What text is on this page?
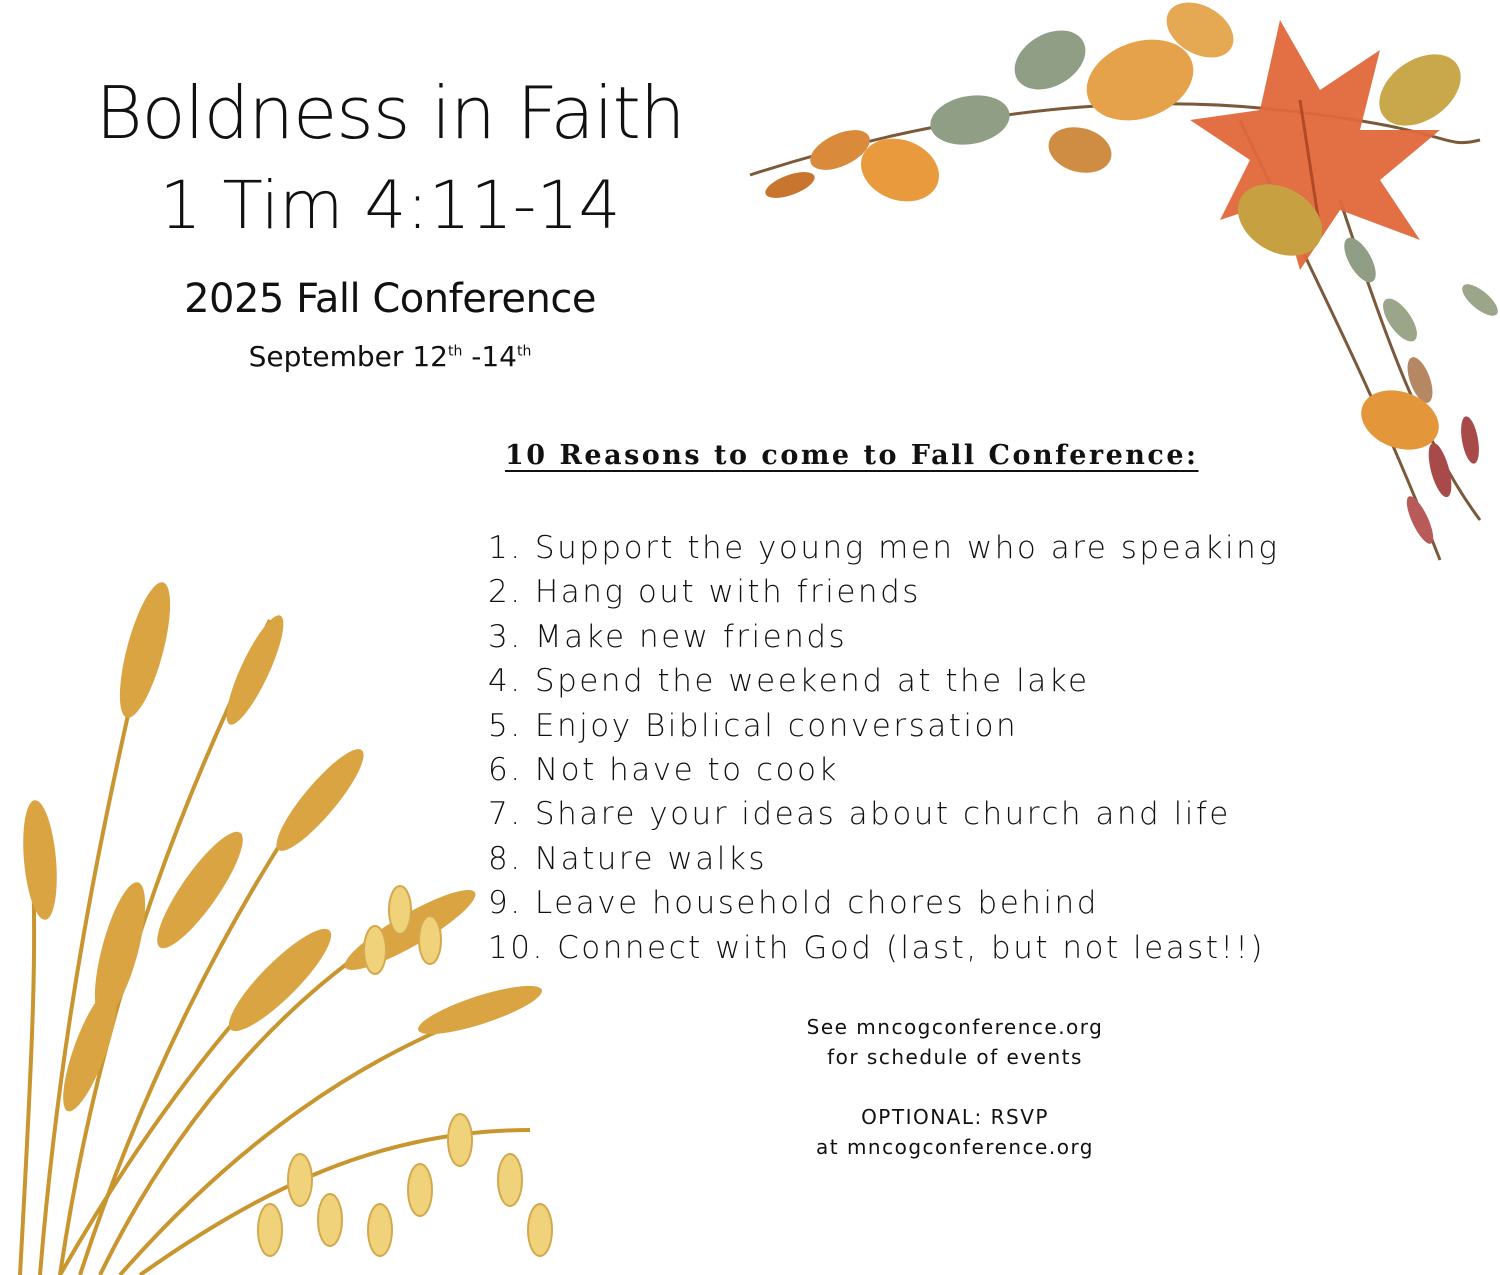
Boldness in Faith
1 Tim 4:11-14
2025 Fall Conference
September 12th -14th
10 Reasons to come to Fall Conference:
1. Support the young men who are speaking
2. Hang out with friends
3. Make new friends
4. Spend the weekend at the lake
5. Enjoy Biblical conversation
6. Not have to cook
7. Share your ideas about church and life
8. Nature walks
9. Leave household chores behind
10. Connect with God (last, but not least!!)
See mncogconference.org
for schedule of events
OPTIONAL: RSVP
at mncogconference.org
